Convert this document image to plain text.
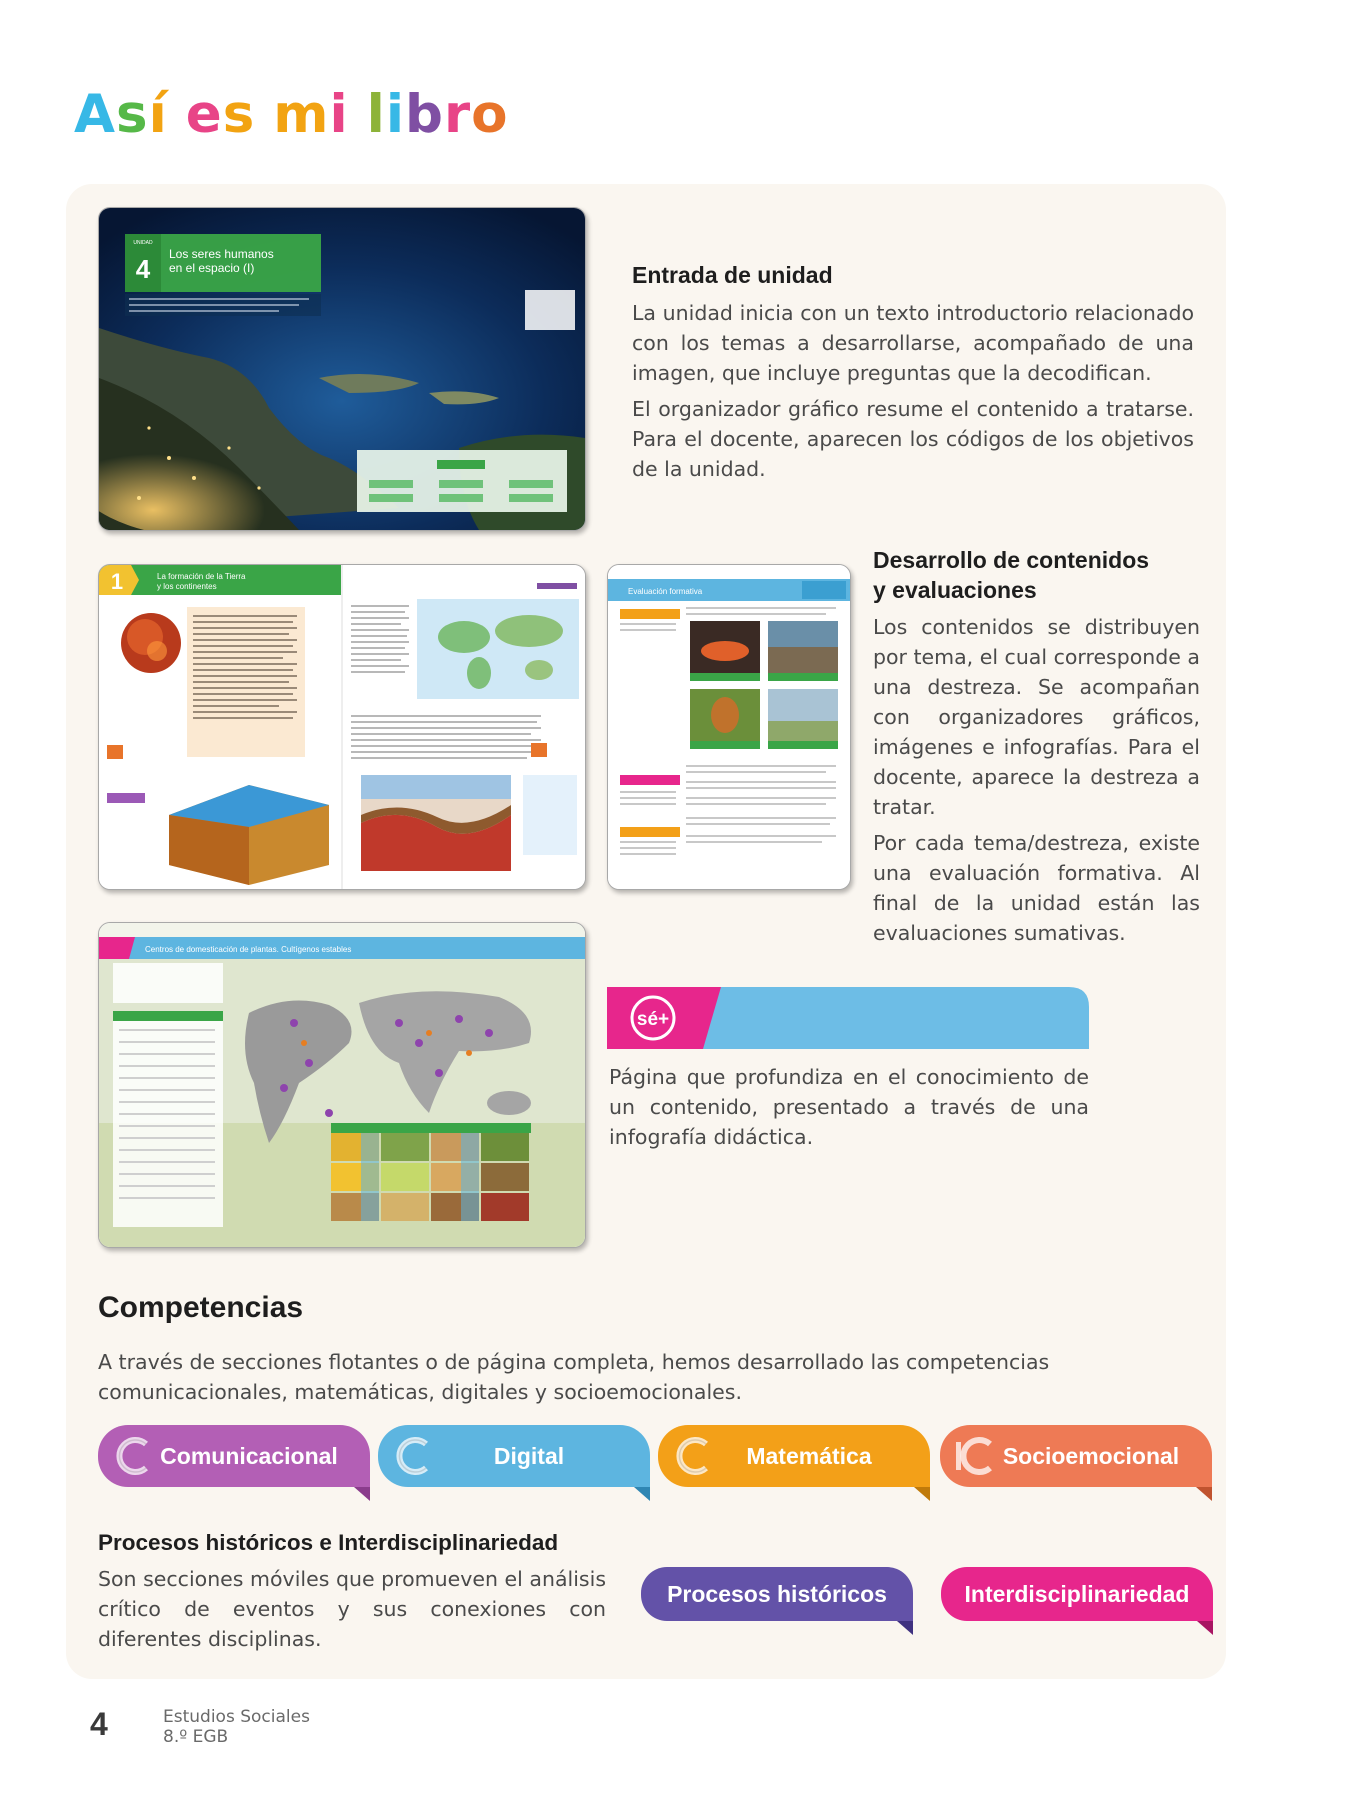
Así es mi libro
UNIDAD
4 Los seres humanos
en el espacio (I)	Entrada de unidad

La unidad inicia con un texto introductorio relacionado con los temas a desarrollarse, acompañado de una imagen, que incluye preguntas que la decodifican.

El organizador gráfico resume el contenido a tratarse. Para el docente, aparecen los códigos de los objetivos de la unidad.

1	La formación de la Tierra
y los continentes
Evaluación formativa
Desarrollo de contenidos
y evaluaciones

Los contenidos se distribuyen por tema, el cual corresponde a una destreza. Se acompañan con organizadores gráficos, imágenes e infografías. Para el docente, aparece la destreza a tratar.

Por cada tema/destreza, existe una evaluación formativa. Al final de la unidad están las evaluaciones sumativas.

Centros de domesticación de plantas. Cultígenos estables
sé+
Página que profundiza en el conocimiento de un contenido, presentado a través de una infografía didáctica.
Competencias
A través de secciones flotantes o de página completa, hemos desarrollado las competencias comunicacionales, matemáticas, digitales y socioemocionales.
Comunicacional	Digital	Matemática	Socioemocional
Procesos históricos e Interdisciplinariedad
Son secciones móviles que promueven el análisis crítico de eventos y sus conexiones con diferentes disciplinas.
Procesos históricos	Interdisciplinariedad
4	Estudios Sociales
8.º EGB
